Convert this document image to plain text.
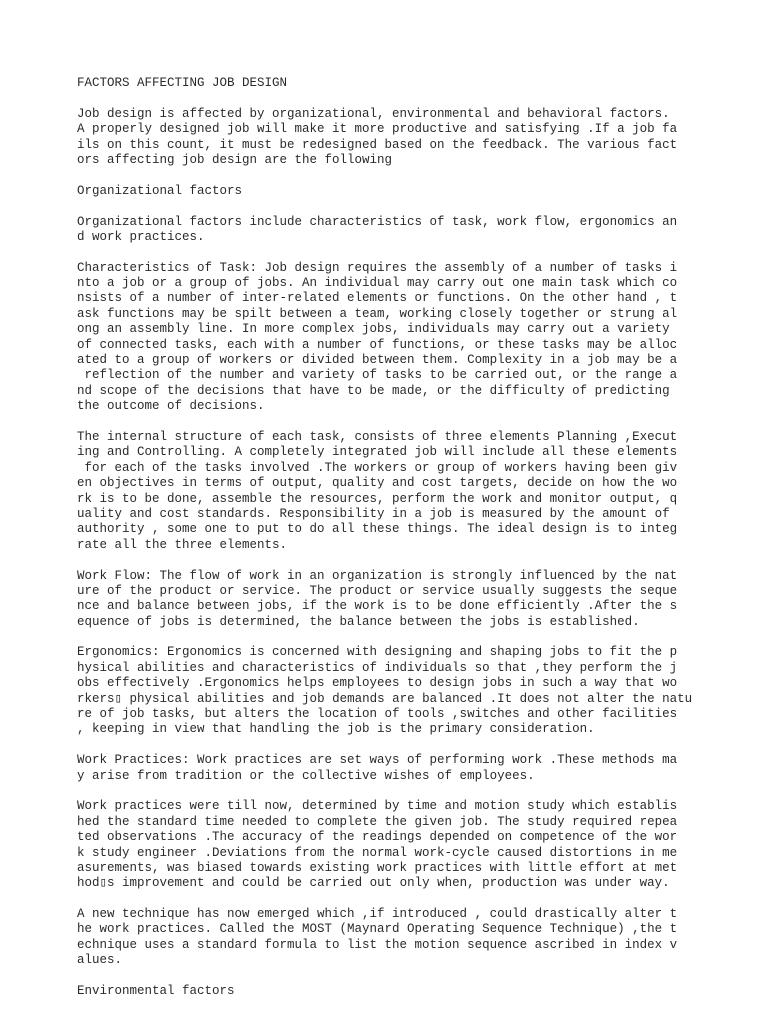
FACTORS AFFECTING JOB DESIGN
Job design is affected by organizational, environmental and behavioral factors.
A properly designed job will make it more productive and satisfying .If a job fa
ils on this count, it must be redesigned based on the feedback. The various fact
ors affecting job design are the following
Organizational factors
Organizational factors include characteristics of task, work flow, ergonomics an
d work practices.
Characteristics of Task: Job design requires the assembly of a number of tasks i
nto a job or a group of jobs. An individual may carry out one main task which co
nsists of a number of inter-related elements or functions. On the other hand , t
ask functions may be spilt between a team, working closely together or strung al
ong an assembly line. In more complex jobs, individuals may carry out a variety
of connected tasks, each with a number of functions, or these tasks may be alloc
ated to a group of workers or divided between them. Complexity in a job may be a
reflection of the number and variety of tasks to be carried out, or the range a
nd scope of the decisions that have to be made, or the difficulty of predicting
the outcome of decisions.
The internal structure of each task, consists of three elements Planning ,Execut
ing and Controlling. A completely integrated job will include all these elements
for each of the tasks involved .The workers or group of workers having been giv
en objectives in terms of output, quality and cost targets, decide on how the wo
rk is to be done, assemble the resources, perform the work and monitor output, q
uality and cost standards. Responsibility in a job is measured by the amount of
authority , some one to put to do all these things. The ideal design is to integ
rate all the three elements.
Work Flow: The flow of work in an organization is strongly influenced by the nat
ure of the product or service. The product or service usually suggests the seque
nce and balance between jobs, if the work is to be done efficiently .After the s
equence of jobs is determined, the balance between the jobs is established.
Ergonomics: Ergonomics is concerned with designing and shaping jobs to fit the p
hysical abilities and characteristics of individuals so that ,they perform the j
obs effectively .Ergonomics helps employees to design jobs in such a way that wo
rkers▯ physical abilities and job demands are balanced .It does not alter the natu
re of job tasks, but alters the location of tools ,switches and other facilities
, keeping in view that handling the job is the primary consideration.
Work Practices: Work practices are set ways of performing work .These methods ma
y arise from tradition or the collective wishes of employees.
Work practices were till now, determined by time and motion study which establis
hed the standard time needed to complete the given job. The study required repea
ted observations .The accuracy of the readings depended on competence of the wor
k study engineer .Deviations from the normal work-cycle caused distortions in me
asurements, was biased towards existing work practices with little effort at met
hod▯s improvement and could be carried out only when, production was under way.
A new technique has now emerged which ,if introduced , could drastically alter t
he work practices. Called the MOST (Maynard Operating Sequence Technique) ,the t
echnique uses a standard formula to list the motion sequence ascribed in index v
alues.
Environmental factors
